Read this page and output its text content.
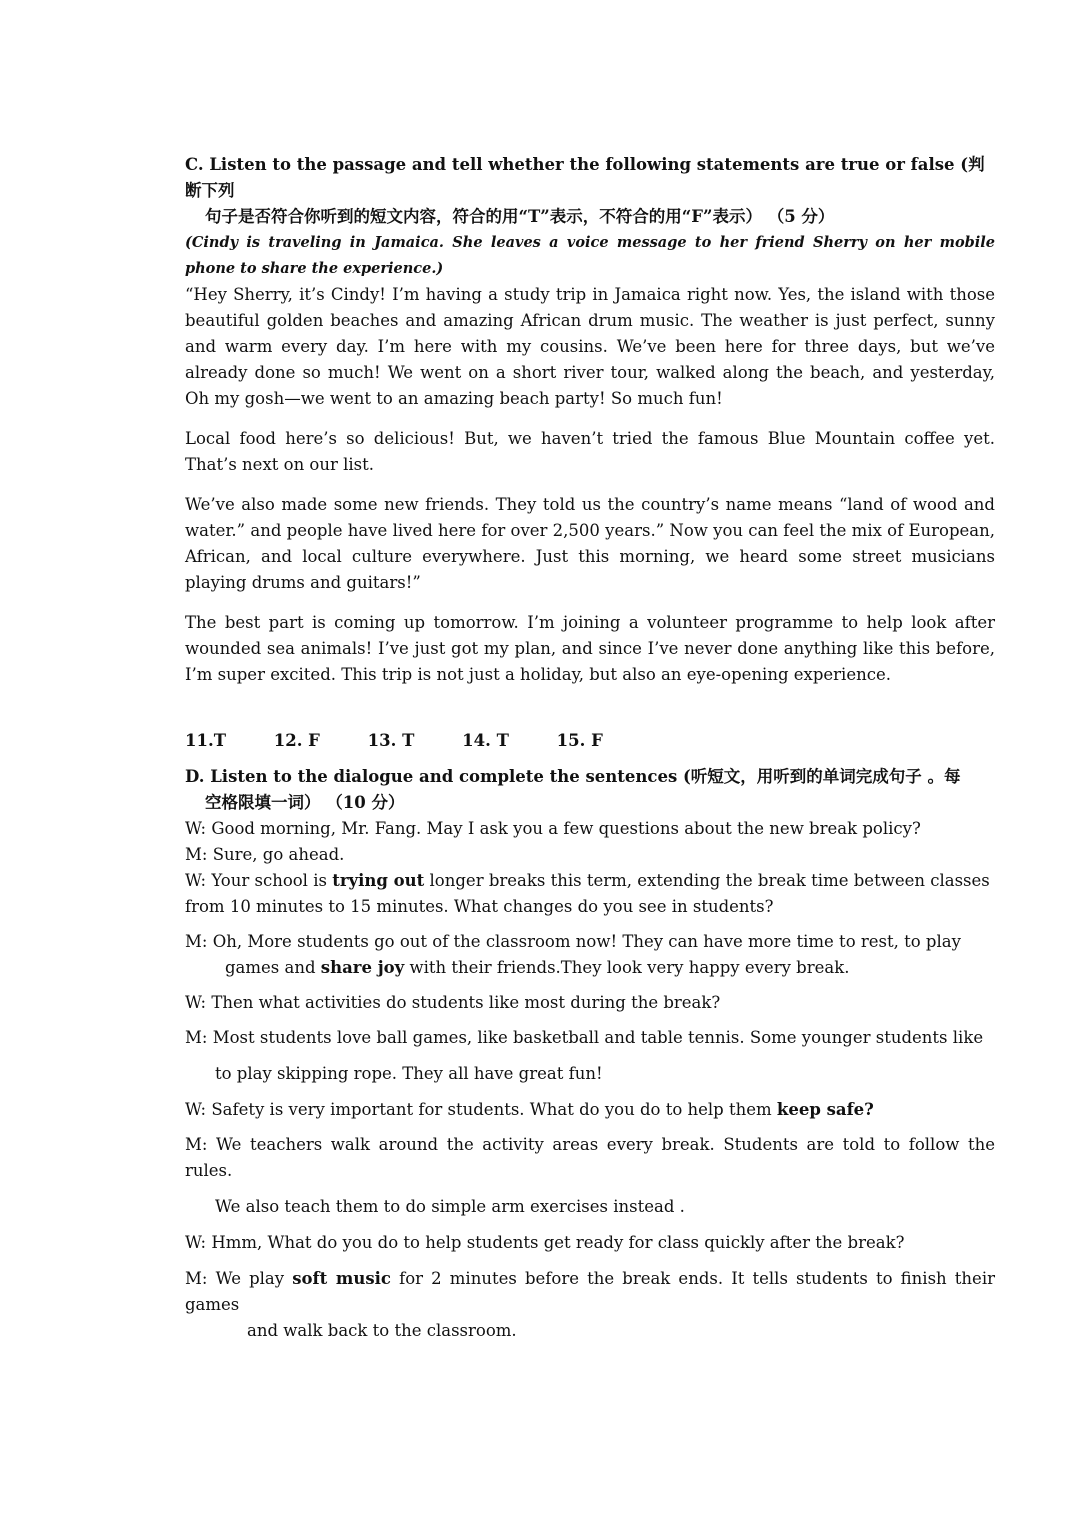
C. Listen to the passage and tell whether the following statements are true or false (判断下列
句子是否符合你听到的短文内容，符合的用“T”表示，不符合的用“F”表示） （5 分）

(Cindy is traveling in Jamaica. She leaves a voice message to her friend Sherry on her mobile phone to share the experience.)

“Hey Sherry, it’s Cindy! I’m having a study trip in Jamaica right now. Yes, the island with those beautiful golden beaches and amazing African drum music. The weather is just perfect, sunny and warm every day. I’m here with my cousins. We’ve been here for three days, but we’ve already done so much! We went on a short river tour, walked along the beach, and yesterday, Oh my gosh—we went to an amazing beach party! So much fun!

Local food here’s so delicious! But, we haven’t tried the famous Blue Mountain coffee yet. That’s next on our list.

We’ve also made some new friends. They told us the country’s name means “land of wood and water.” and people have lived here for over 2,500 years.” Now you can feel the mix of European, African, and local culture everywhere. Just this morning, we heard some street musicians playing drums and guitars!”

The best part is coming up tomorrow. I’m joining a volunteer programme to help look after wounded sea animals! I’ve just got my plan, and since I’ve never done anything like this before, I’m super excited. This trip is not just a holiday, but also an eye-opening experience.

11.T	12. F	13. T	14. T	15. F
D. Listen to the dialogue and complete the sentences (听短文，用听到的单词完成句子 。每
空格限填一词） （10 分）

W: Good morning, Mr. Fang. May I ask you a few questions about the new break policy?

M: Sure, go ahead.

W: Your school is trying out longer breaks this term, extending the break time between classes

from 10 minutes to 15 minutes. What changes do you see in students?

M: Oh, More students go out of the classroom now! They can have more time to rest, to play

games and share joy with their friends.They look very happy every break.

W: Then what activities do students like most during the break?

M: Most students love ball games, like basketball and table tennis. Some younger students like

to play skipping rope. They all have great fun!

W: Safety is very important for students. What do you do to help them keep safe?

M: We teachers walk around the activity areas every break. Students are told to follow the rules.

We also teach them to do simple arm exercises instead .

W: Hmm, What do you do to help students get ready for class quickly after the break?

M: We play soft music for 2 minutes before the break ends. It tells students to finish their games

and walk back to the classroom.
